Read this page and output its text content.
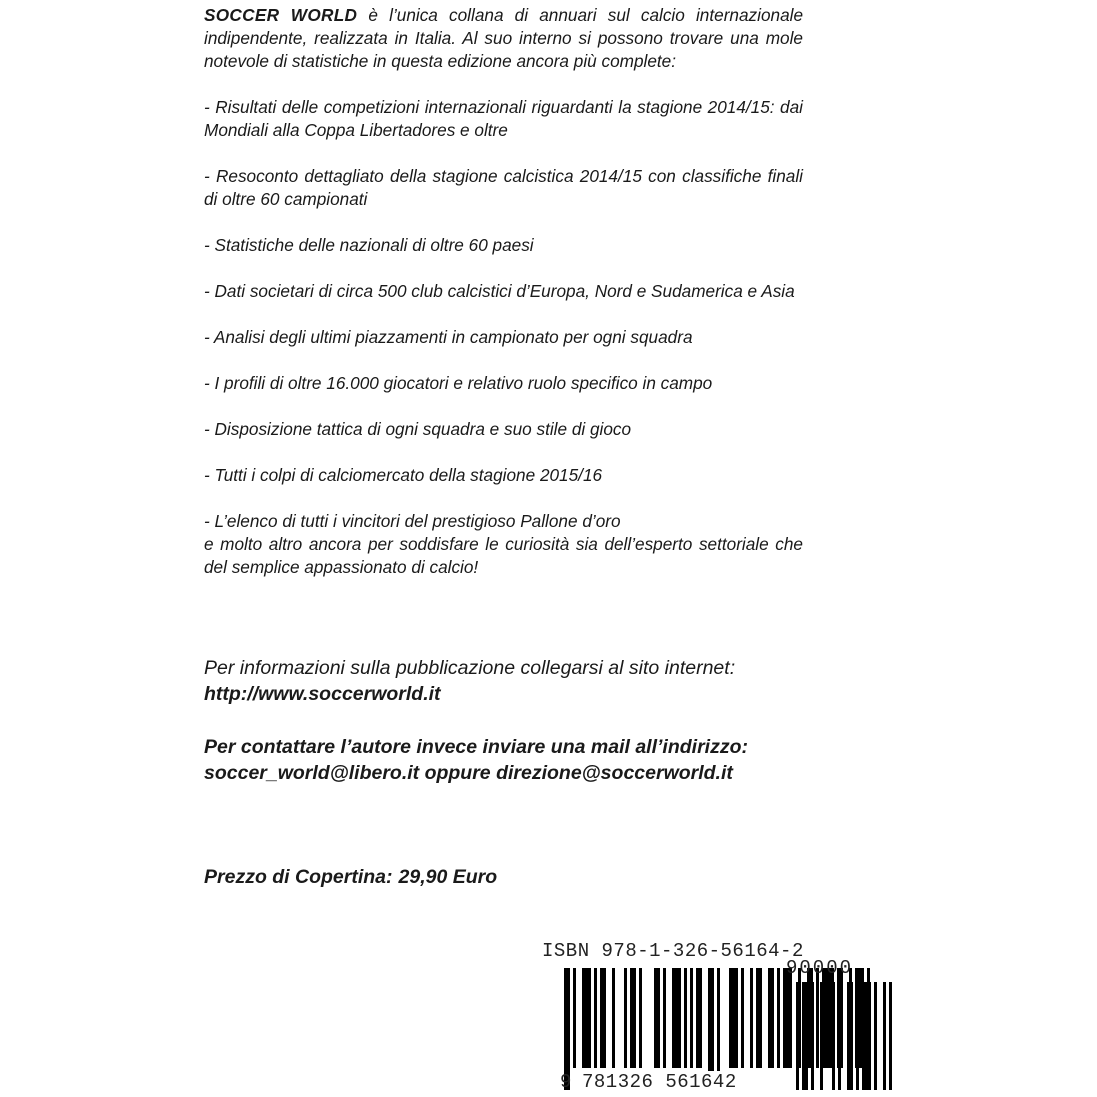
SOCCER WORLD è l’unica collana di annuari sul calcio internazionale indipendente, realizzata in Italia. Al suo interno si possono trovare una mole notevole di statistiche in questa edizione ancora più complete:

- Risultati delle competizioni internazionali riguardanti la stagione 2014/15: dai Mondiali alla Coppa Libertadores e oltre

- Resoconto dettagliato della stagione calcistica 2014/15 con classifiche finali di oltre 60 campionati

- Statistiche delle nazionali di oltre 60 paesi

- Dati societari di circa 500 club calcistici d’Europa, Nord e Sudamerica e Asia

- Analisi degli ultimi piazzamenti in campionato per ogni squadra

- I profili di oltre 16.000 giocatori e relativo ruolo specifico in campo

- Disposizione tattica di ogni squadra e suo stile di gioco

- Tutti i colpi di calciomercato della stagione 2015/16

- L’elenco di tutti i vincitori del prestigioso Pallone d’oro

e molto altro ancora per soddisfare le curiosità sia dell’esperto settoriale che del semplice appassionato di calcio!

Per informazioni sulla pubblicazione collegarsi al sito internet:

http://www.soccerworld.it

Per contattare l’autore invece inviare una mail all’indirizzo:

soccer_world@libero.it oppure direzione@soccerworld.it

Prezzo di Copertina: 29,90 Euro
ISBN 978-1-326-56164-2
90000
9 781326 561642
